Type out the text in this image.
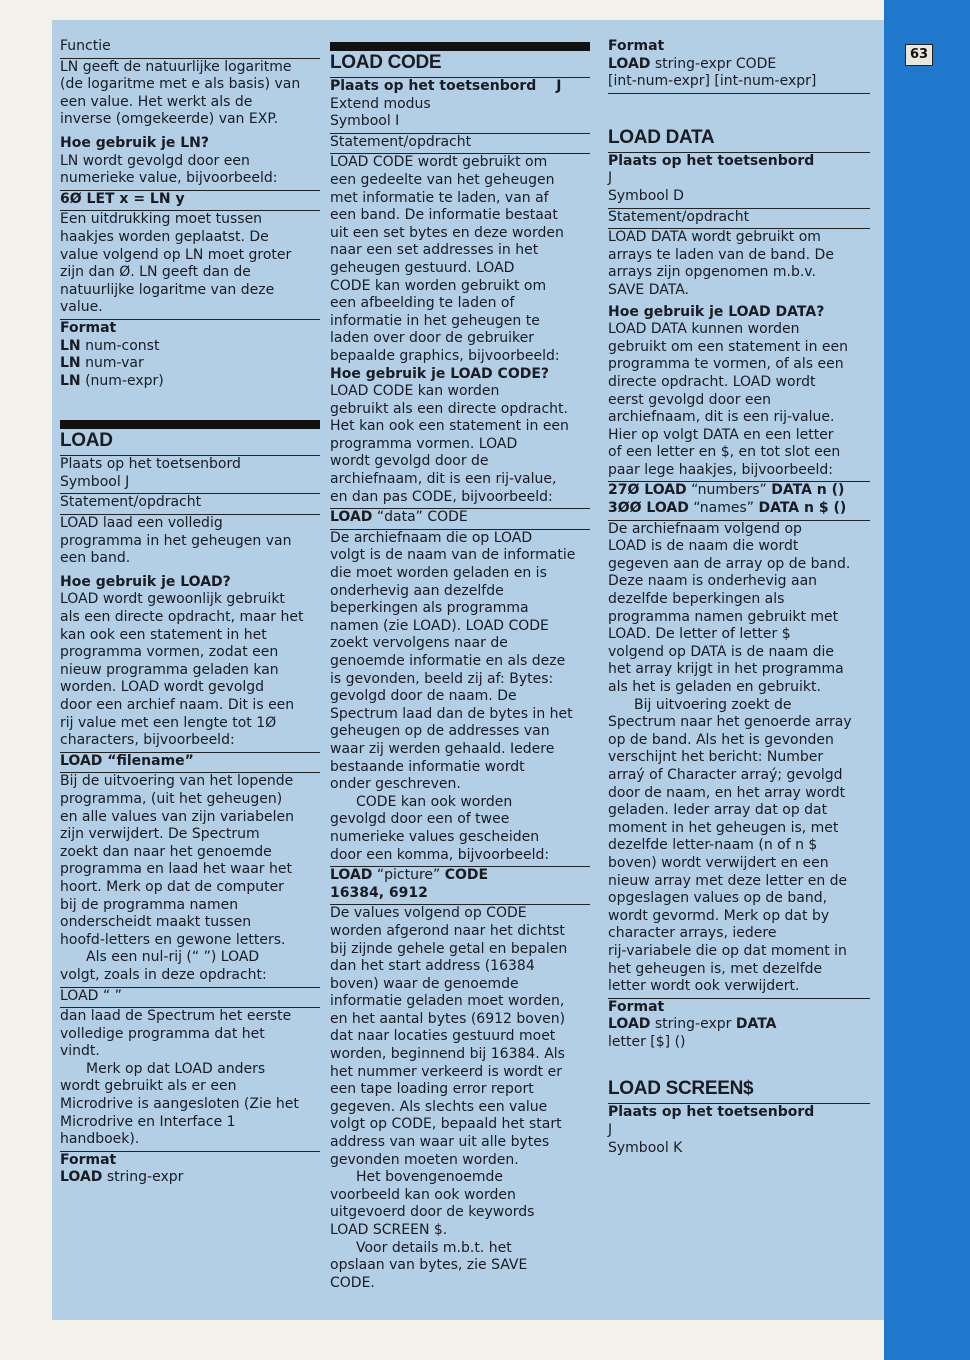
63
Functie
LN geeft de natuurlijke logaritme
(de logaritme met e als basis) van
een value. Het werkt als de
inverse (omgekeerde) van EXP.
Hoe gebruik je LN?
LN wordt gevolgd door een
numerieke value, bijvoorbeeld:
6Ø LET x = LN y
Een uitdrukking moet tussen
haakjes worden geplaatst. De
value volgend op LN moet groter
zijn dan Ø. LN geeft dan de
natuurlijke logaritme van deze
value.
Format
LN num-const
LN num-var
LN (num-expr)
LOAD
Plaats op het toetsenbord
Symbool J
Statement/opdracht
LOAD laad een volledig
programma in het geheugen van
een band.
Hoe gebruik je LOAD?
LOAD wordt gewoonlijk gebruikt
als een directe opdracht, maar het
kan ook een statement in het
programma vormen, zodat een
nieuw programma geladen kan
worden. LOAD wordt gevolgd
door een archief naam. Dit is een
rij value met een lengte tot 1Ø
characters, bijvoorbeeld:
LOAD “filename”
Bij de uitvoering van het lopende
programma, (uit het geheugen)
en alle values van zijn variabelen
zijn verwijdert. De Spectrum
zoekt dan naar het genoemde
programma en laad het waar het
hoort. Merk op dat de computer
bij de programma namen
onderscheidt maakt tussen
hoofd-letters en gewone letters.
Als een nul-rij (“ ”) LOAD
volgt, zoals in deze opdracht:
LOAD “ ”
dan laad de Spectrum het eerste
volledige programma dat het
vindt.
Merk op dat LOAD anders
wordt gebruikt als er een
Microdrive is aangesloten (Zie het
Microdrive en Interface 1
handboek).
Format
LOAD string-expr
LOAD CODE
Plaats op het toetsenbord J
Extend modus
Symbool I
Statement/opdracht
LOAD CODE wordt gebruikt om
een gedeelte van het geheugen
met informatie te laden, van af
een band. De informatie bestaat
uit een set bytes en deze worden
naar een set addresses in het
geheugen gestuurd. LOAD
CODE kan worden gebruikt om
een afbeelding te laden of
informatie in het geheugen te
laden over door de gebruiker
bepaalde graphics, bijvoorbeeld:
Hoe gebruik je LOAD CODE?
LOAD CODE kan worden
gebruikt als een directe opdracht.
Het kan ook een statement in een
programma vormen. LOAD
wordt gevolgd door de
archiefnaam, dit is een rij-value,
en dan pas CODE, bijvoorbeeld:
LOAD “data” CODE
De archiefnaam die op LOAD
volgt is de naam van de informatie
die moet worden geladen en is
onderhevig aan dezelfde
beperkingen als programma
namen (zie LOAD). LOAD CODE
zoekt vervolgens naar de
genoemde informatie en als deze
is gevonden, beeld zij af: Bytes:
gevolgd door de naam. De
Spectrum laad dan de bytes in het
geheugen op de addresses van
waar zij werden gehaald. Iedere
bestaande informatie wordt
onder geschreven.
CODE kan ook worden
gevolgd door een of twee
numerieke values gescheiden
door een komma, bijvoorbeeld:
LOAD “picture” CODE
16384, 6912
De values volgend op CODE
worden afgerond naar het dichtst
bij zijnde gehele getal en bepalen
dan het start address (16384
boven) waar de genoemde
informatie geladen moet worden,
en het aantal bytes (6912 boven)
dat naar locaties gestuurd moet
worden, beginnend bij 16384. Als
het nummer verkeerd is wordt er
een tape loading error report
gegeven. Als slechts een value
volgt op CODE, bepaald het start
address van waar uit alle bytes
gevonden moeten worden.
Het bovengenoemde
voorbeeld kan ook worden
uitgevoerd door de keywords
LOAD SCREEN $.
Voor details m.b.t. het
opslaan van bytes, zie SAVE
CODE.
Format
LOAD string-expr CODE
[int-num-expr] [int-num-expr]
LOAD DATA
Plaats op het toetsenbord
J
Symbool D
Statement/opdracht
LOAD DATA wordt gebruikt om
arrays te laden van de band. De
arrays zijn opgenomen m.b.v.
SAVE DATA.
Hoe gebruik je LOAD DATA?
LOAD DATA kunnen worden
gebruikt om een statement in een
programma te vormen, of als een
directe opdracht. LOAD wordt
eerst gevolgd door een
archiefnaam, dit is een rij-value.
Hier op volgt DATA en een letter
of een letter en $, en tot slot een
paar lege haakjes, bijvoorbeeld:
27Ø LOAD “numbers” DATA n ()
3ØØ LOAD “names” DATA n $ ()
De archiefnaam volgend op
LOAD is de naam die wordt
gegeven aan de array op de band.
Deze naam is onderhevig aan
dezelfde beperkingen als
programma namen gebruikt met
LOAD. De letter of letter $
volgend op DATA is de naam die
het array krijgt in het programma
als het is geladen en gebruikt.
Bij uitvoering zoekt de
Spectrum naar het genoerde array
op de band. Als het is gevonden
verschijnt het bericht: Number
arraý of Character arraý; gevolgd
door de naam, en het array wordt
geladen. Ieder array dat op dat
moment in het geheugen is, met
dezelfde letter-naam (n of n $
boven) wordt verwijdert en een
nieuw array met deze letter en de
opgeslagen values op de band,
wordt gevormd. Merk op dat by
character arrays, iedere
rij-variabele die op dat moment in
het geheugen is, met dezelfde
letter wordt ook verwijdert.
Format
LOAD string-expr DATA
letter [$] ()
LOAD SCREEN$
Plaats op het toetsenbord
J
Symbool K
